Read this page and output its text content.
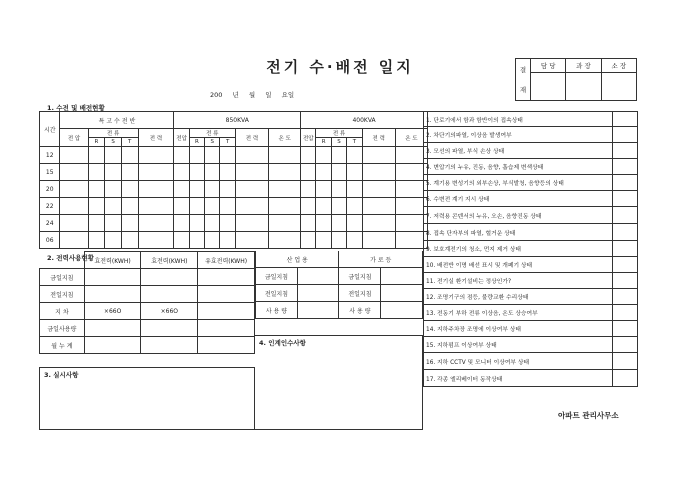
전기 수·배전 일지
200 년 월 일 요일
결
재	담 당	과 장	소 장

1. 수전 및 배전현황
시간	특 고 수 전 반					850KVA						400KVA					
	전 압	전 류			전 력	전압	전 류			전 력	온 도	전압	전 류			전 력	온 도
		R	S	T			R	S	T				R	S	T		
12																	
15																	
20																	
22																	
24																	
06																	
1. 단로기에서 함과 함반이의 접속상태	
2. 차단기의파열, 이상음 발생여부	
3. 모선의 파열, 부식 손상 상태	
4. 변압기의 누유, 진동, 음향, 흡습제 변색상태	
5. 계기용 변성기의 외부손상, 부식발청, 음향등의 상태	
6. 수변전 계기 지시 상태	
7. 저력용 콘덴서의 누유, 오손, 음향진동 상태	
8. 접속 단자부의 파열, 헐거운 상태	
9. 보호계전기의 청소, 먼지 제거 상태	
10. 배전반 이명 배선 표시 및 개폐기 상태	
11. 전기실 환기설비는 정상인가?	
12. 조명기구의 점등, 불량교환 수리상태	
13. 전동기 부하 전류 이상음, 온도 상승여부	
14. 지하주차장 조명에 이상여부 상태	
15. 지하펌프 이상여부 상태	
16. 지하 CCTV 및 모니터 이상여부 상태	
17. 각종 엘리베이터 동작상태	
2. 전력사용현황
	효전력(KWH)	효전력(KWH)	유효전력(KWH)
금일지침			
전일지침			
지 차	×66O	×66O	
금일사용량			
월 누 계			
산 업 용		가 로 등	
금일지침		금일지침	
전일지침		전일지침	
사 용 량		사 용 량	
3. 실시사항
4. 인계인수사항
아파트 관리사무소
